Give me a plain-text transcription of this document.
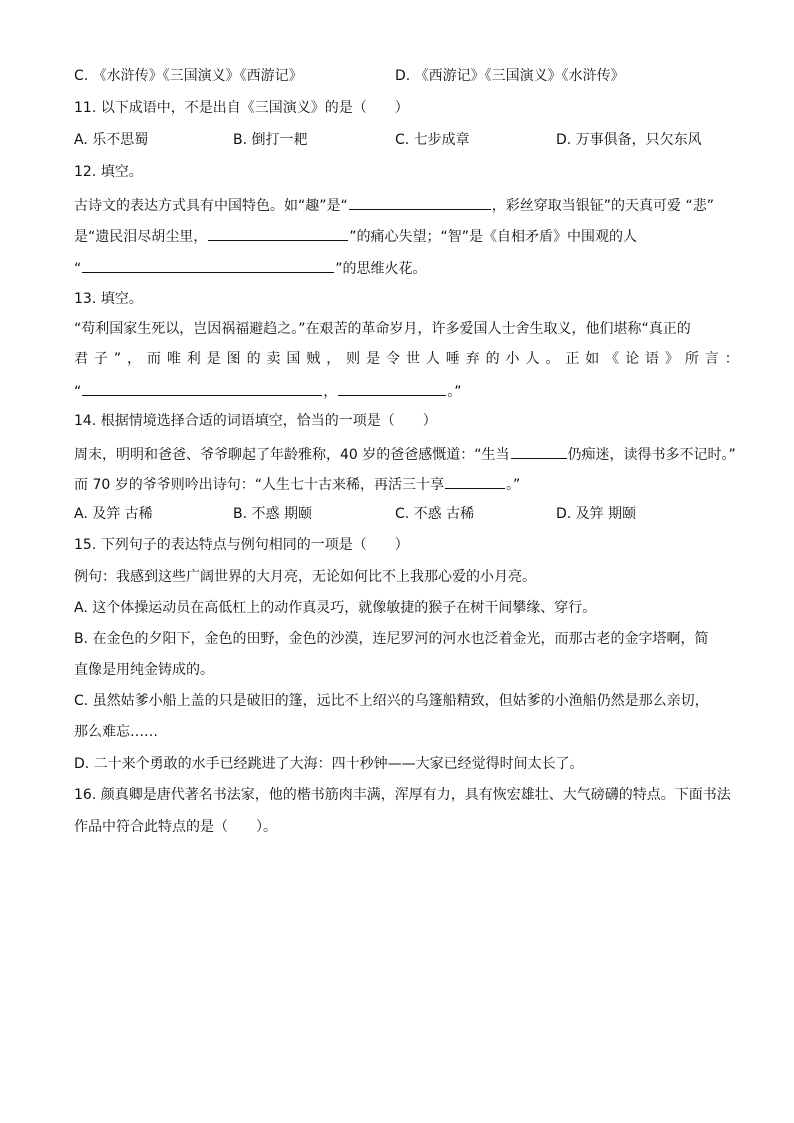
C. 《水浒传》《三国演义》《西游记》	D. 《西游记》《三国演义》《水浒传》
11. 以下成语中，不是出自《三国演义》的是（　　）
A. 乐不思蜀	B. 倒打一耙	C. 七步成章	D. 万事俱备，只欠东风
12. 填空。
古诗文的表达方式具有中国特色。如“趣”是“	，彩丝穿取当银钲”的天真可爱 “悲”
是“遗民泪尽胡尘里，	”的痛心失望；“智”是《自相矛盾》中围观的人
“	”的思维火花。
13. 填空。
“苟利国家生死以，岂因祸福避趋之。”在艰苦的革命岁月，许多爱国人士舍生取义，他们堪称“真正的
君 子 ” ， 而 唯 利 是 图 的 卖 国 贼 ， 则 是 令 世 人 唾 弃 的 小 人 。 正 如 《 论 语 》 所 言 ：
“	，	。”
14. 根据情境选择合适的词语填空，恰当的一项是（　　）
周末，明明和爸爸、爷爷聊起了年龄雅称，40 岁的爸爸感慨道：“生当	仍痴迷，读得书多不记时。”
而 70 岁的爷爷则吟出诗句：“人生七十古来稀，再活三十享	。”
A. 及笄 古稀	B. 不惑 期颐	C. 不惑 古稀	D. 及笄 期颐
15. 下列句子的表达特点与例句相同的一项是（　　）
例句：我感到这些广阔世界的大月亮，无论如何比不上我那心爱的小月亮。
A. 这个体操运动员在高低杠上的动作真灵巧，就像敏捷的猴子在树干间攀缘、穿行。
B. 在金色的夕阳下，金色的田野，金色的沙漠，连尼罗河的河水也泛着金光，而那古老的金字塔啊，简
直像是用纯金铸成的。
C. 虽然姑爹小船上盖的只是破旧的篷，远比不上绍兴的乌篷船精致，但姑爹的小渔船仍然是那么亲切，
那么难忘……
D. 二十来个勇敢的水手已经跳进了大海：四十秒钟——大家已经觉得时间太长了。
16. 颜真卿是唐代著名书法家，他的楷书筋肉丰满，浑厚有力，具有恢宏雄壮、大气磅礴的特点。下面书法
作品中符合此特点的是（　　）。
